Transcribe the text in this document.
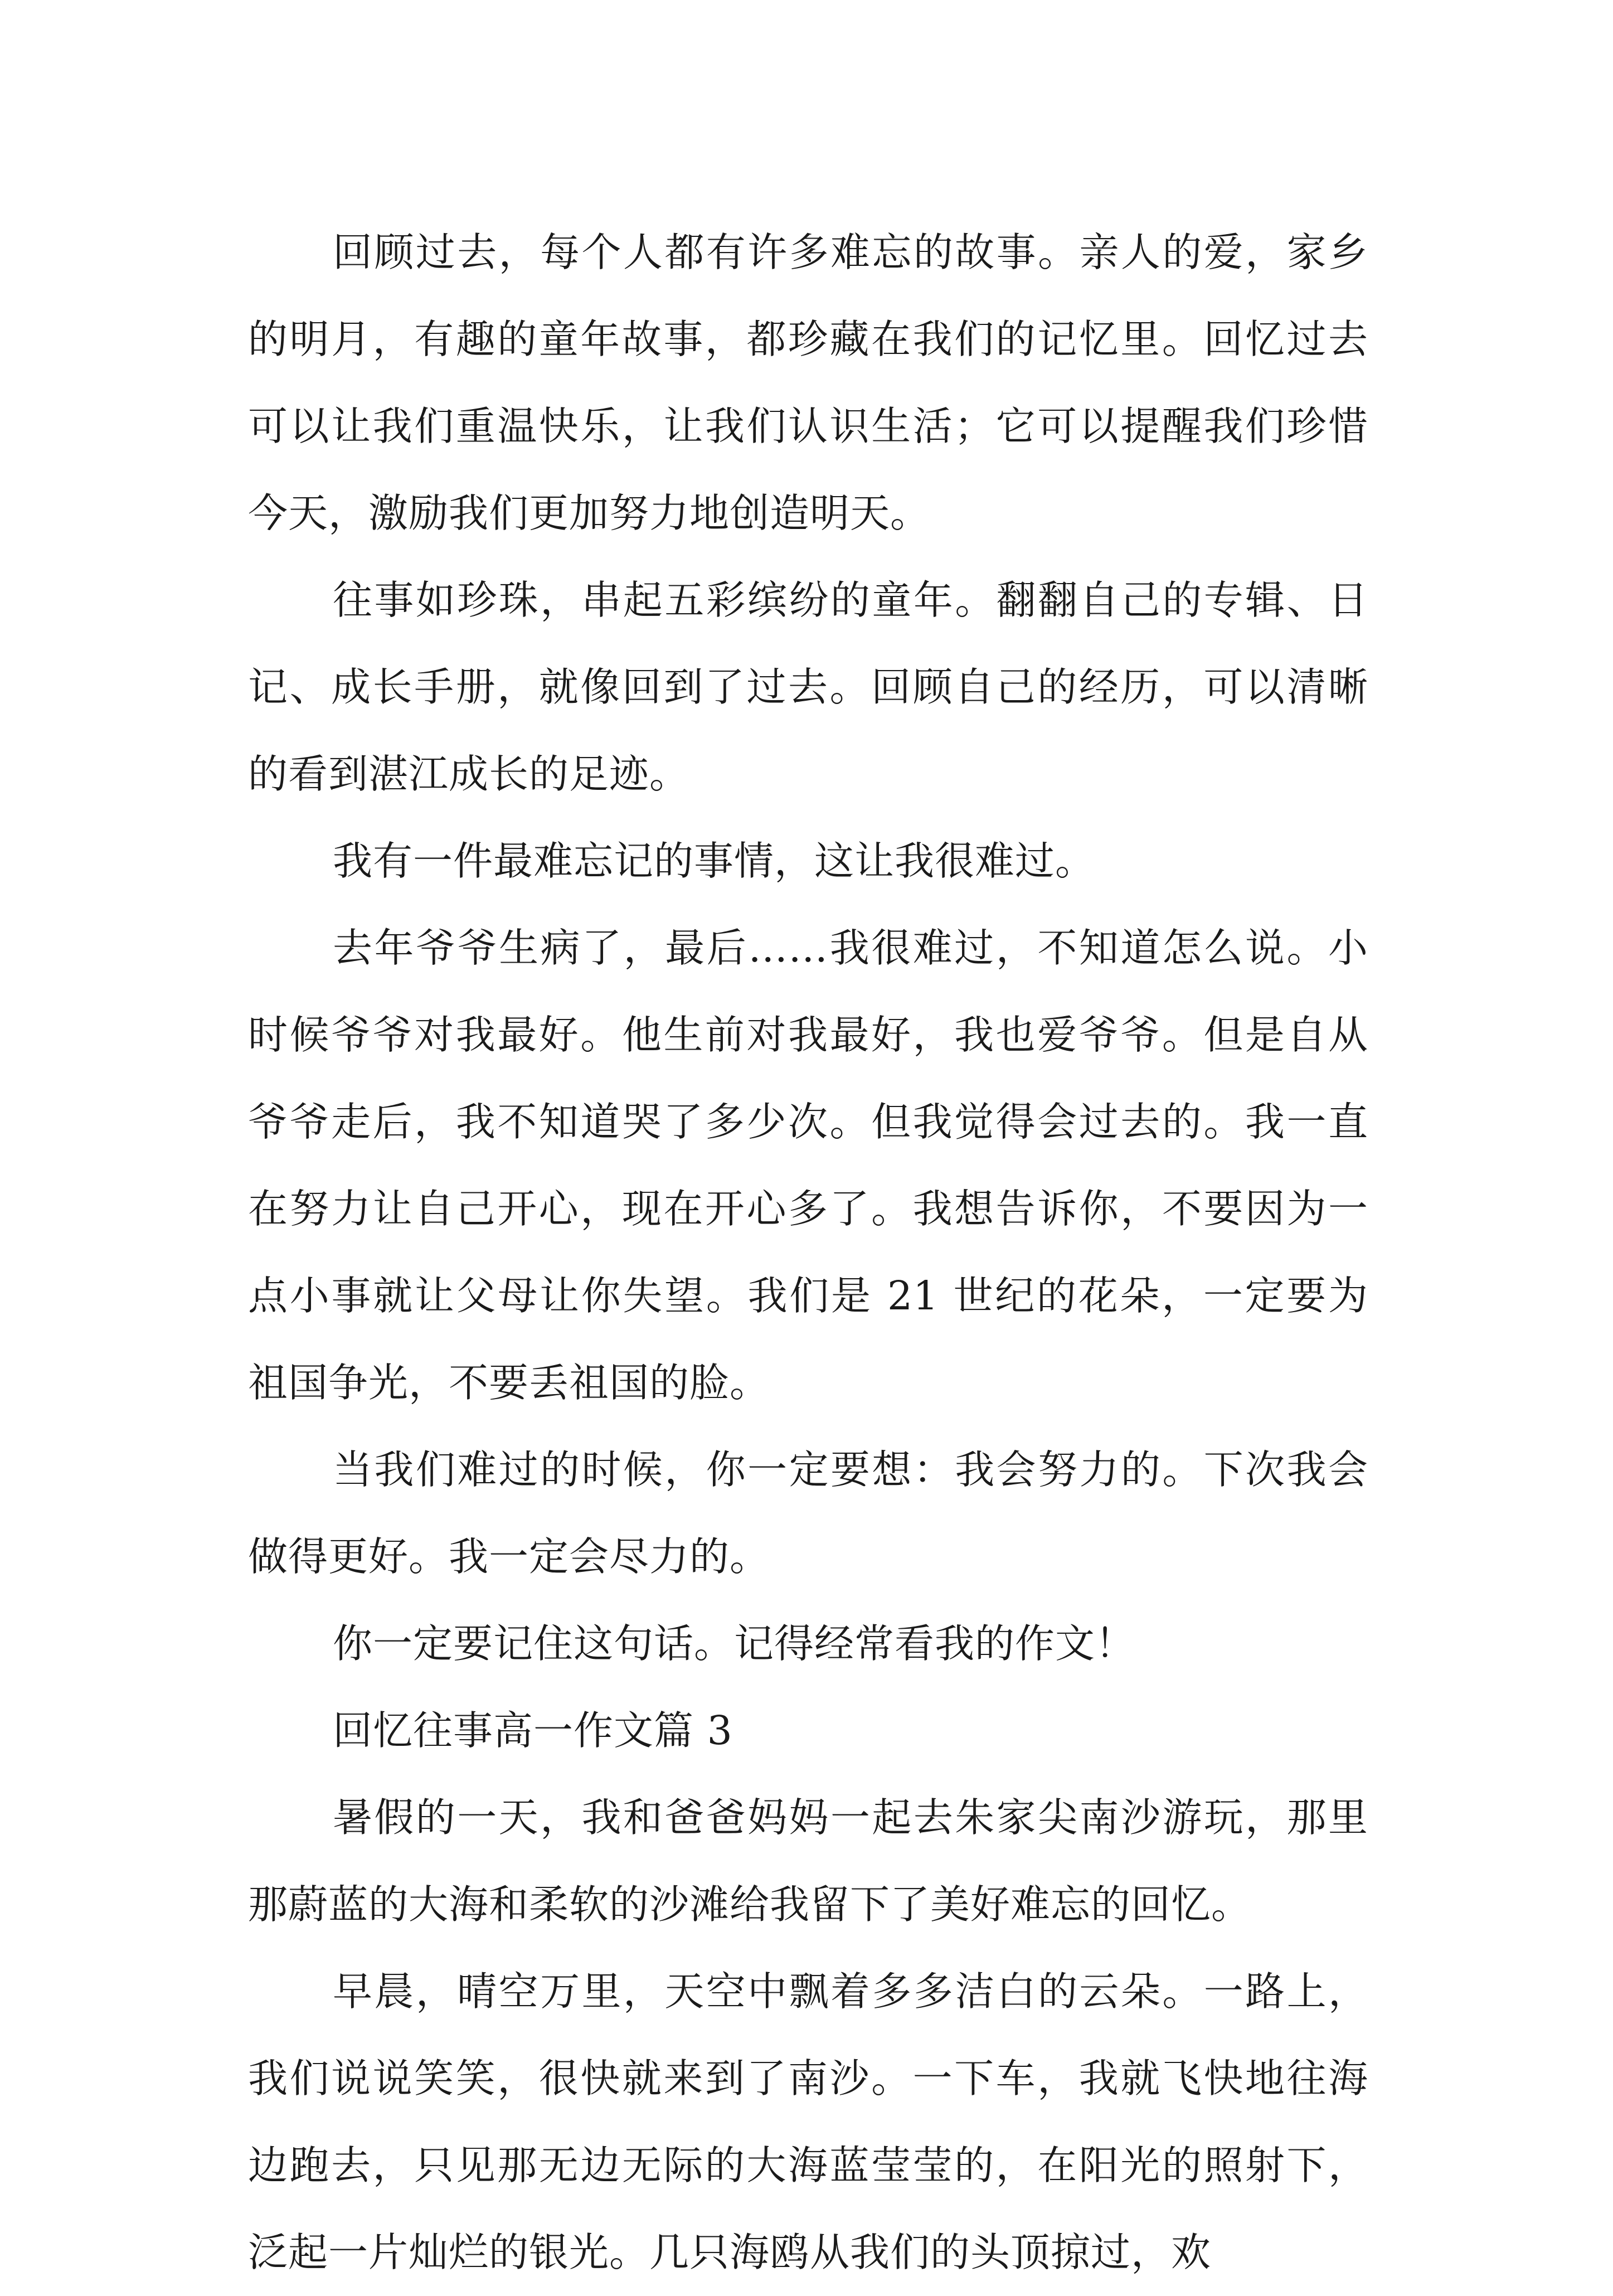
回顾过去，每个人都有许多难忘的故事。亲人的爱，家乡的明月，有趣的童年故事，都珍藏在我们的记忆里。回忆过去可以让我们重温快乐，让我们认识生活；它可以提醒我们珍惜今天，激励我们更加努力地创造明天。

往事如珍珠，串起五彩缤纷的童年。翻翻自己的专辑、日记、成长手册，就像回到了过去。回顾自己的经历，可以清晰的看到湛江成长的足迹。

我有一件最难忘记的事情，这让我很难过。

去年爷爷生病了，最后……我很难过，不知道怎么说。小时候爷爷对我最好。他生前对我最好，我也爱爷爷。但是自从爷爷走后，我不知道哭了多少次。但我觉得会过去的。我一直在努力让自己开心，现在开心多了。我想告诉你，不要因为一点小事就让父母让你失望。我们是 21 世纪的花朵，一定要为祖国争光，不要丢祖国的脸。

当我们难过的时候，你一定要想：我会努力的。下次我会做得更好。我一定会尽力的。

你一定要记住这句话。记得经常看我的作文！

回忆往事高一作文篇 3

暑假的一天，我和爸爸妈妈一起去朱家尖南沙游玩，那里那蔚蓝的大海和柔软的沙滩给我留下了美好难忘的回忆。

早晨，晴空万里，天空中飘着多多洁白的云朵。一路上，我们说说笑笑，很快就来到了南沙。一下车，我就飞快地往海边跑去，只见那无边无际的大海蓝莹莹的，在阳光的照射下，泛起一片灿烂的银光。几只海鸥从我们的头顶掠过，欢
